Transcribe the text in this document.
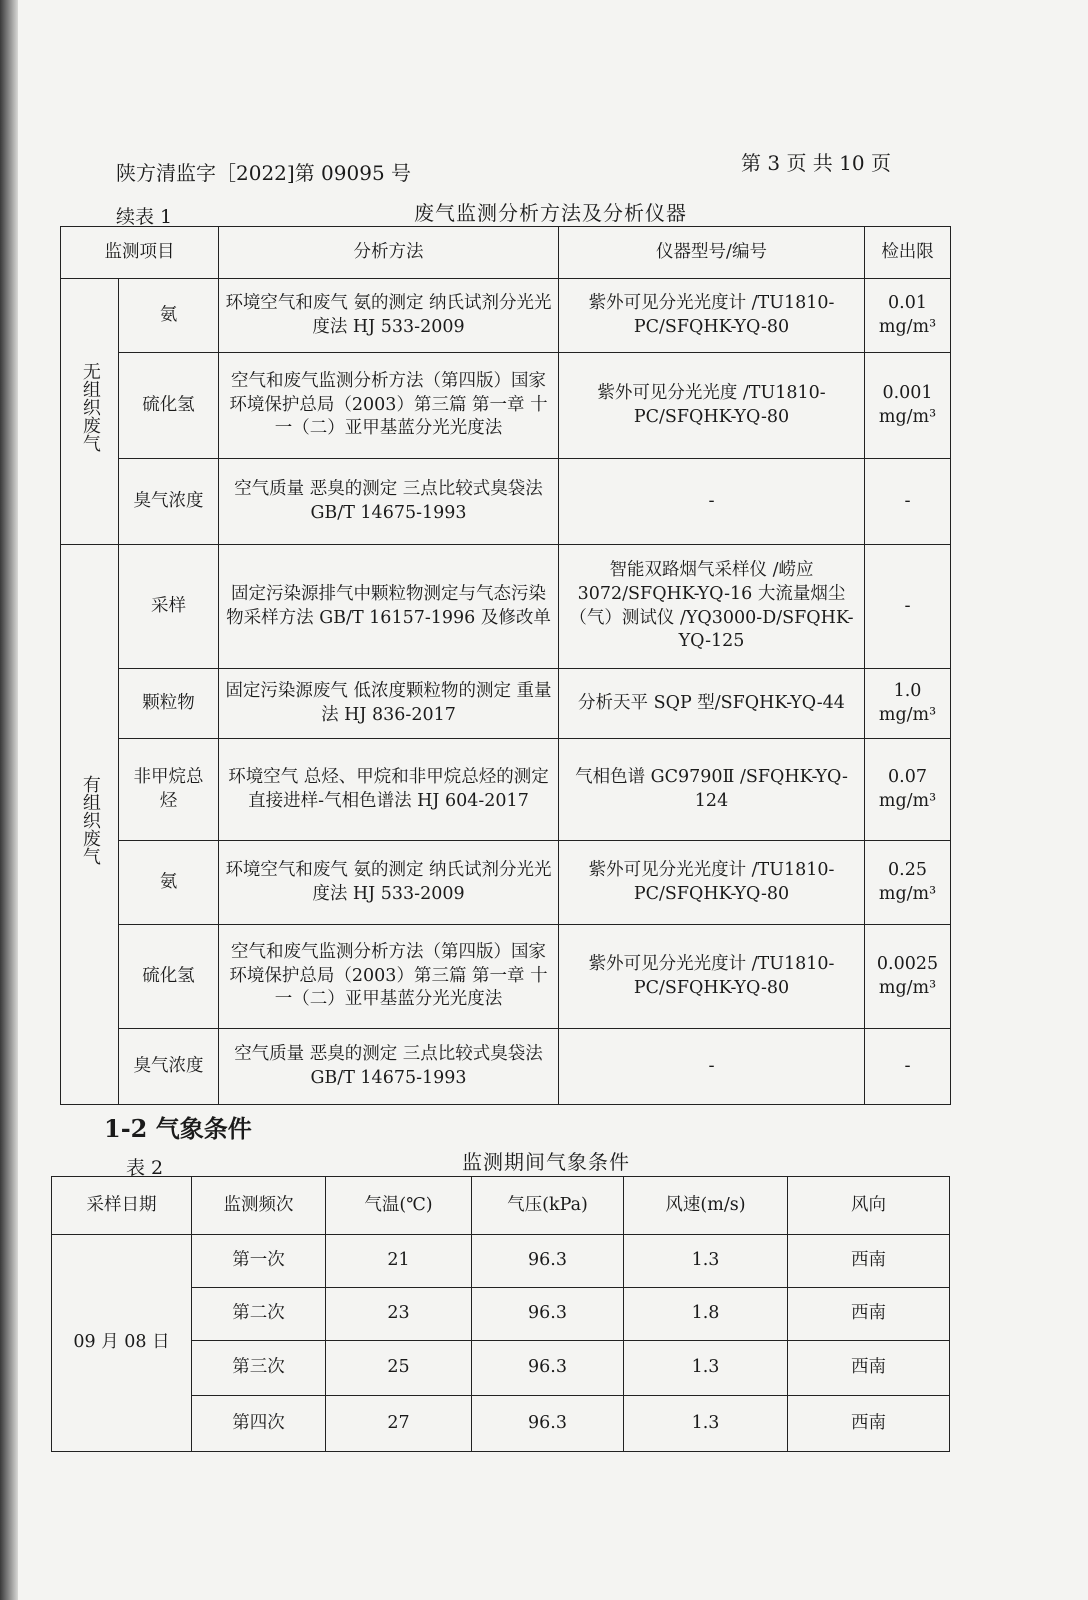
陕方清监字［2022]第 09095 号	第 3 页 共 10 页
续表 1	废气监测分析方法及分析仪器
监测项目		分析方法	仪器型号/编号	检出限
无组织废气	氨	环境空气和废气 氨的测定 纳氏试剂分光光度法 HJ 533-2009	紫外可见分光光度计 /TU1810-PC/SFQHK-YQ-80	0.01 mg/m³
	硫化氢	空气和废气监测分析方法（第四版）国家环境保护总局（2003）第三篇 第一章 十一（二）亚甲基蓝分光光度法	紫外可见分光光度 /TU1810-PC/SFQHK-YQ-80	0.001 mg/m³
	臭气浓度	空气质量 恶臭的测定 三点比较式臭袋法 GB/T 14675-1993	-	-
有组织废气	采样	固定污染源排气中颗粒物测定与气态污染物采样方法 GB/T 16157-1996 及修改单	智能双路烟气采样仪 /崂应 3072/SFQHK-YQ-16 大流量烟尘（气）测试仪 /YQ3000-D/SFQHK-YQ-125	-
	颗粒物	固定污染源废气 低浓度颗粒物的测定 重量法 HJ 836-2017	分析天平 SQP 型/SFQHK-YQ-44	1.0 mg/m³
	非甲烷总 烃	环境空气 总烃、甲烷和非甲烷总烃的测定 直接进样-气相色谱法 HJ 604-2017	气相色谱 GC9790Ⅱ /SFQHK-YQ-124	0.07 mg/m³
	氨	环境空气和废气 氨的测定 纳氏试剂分光光度法 HJ 533-2009	紫外可见分光光度计 /TU1810-PC/SFQHK-YQ-80	0.25 mg/m³
	硫化氢	空气和废气监测分析方法（第四版）国家环境保护总局（2003）第三篇 第一章 十一（二）亚甲基蓝分光光度法	紫外可见分光光度计 /TU1810-PC/SFQHK-YQ-80	0.0025 mg/m³
	臭气浓度	空气质量 恶臭的测定 三点比较式臭袋法 GB/T 14675-1993	-	-
1-2 气象条件
表 2	监测期间气象条件
采样日期	监测频次	气温(℃)	气压(kPa)	风速(m/s)	风向
09 月 08 日	第一次	21	96.3	1.3	西南
	第二次	23	96.3	1.8	西南
	第三次	25	96.3	1.3	西南
	第四次	27	96.3	1.3	西南
